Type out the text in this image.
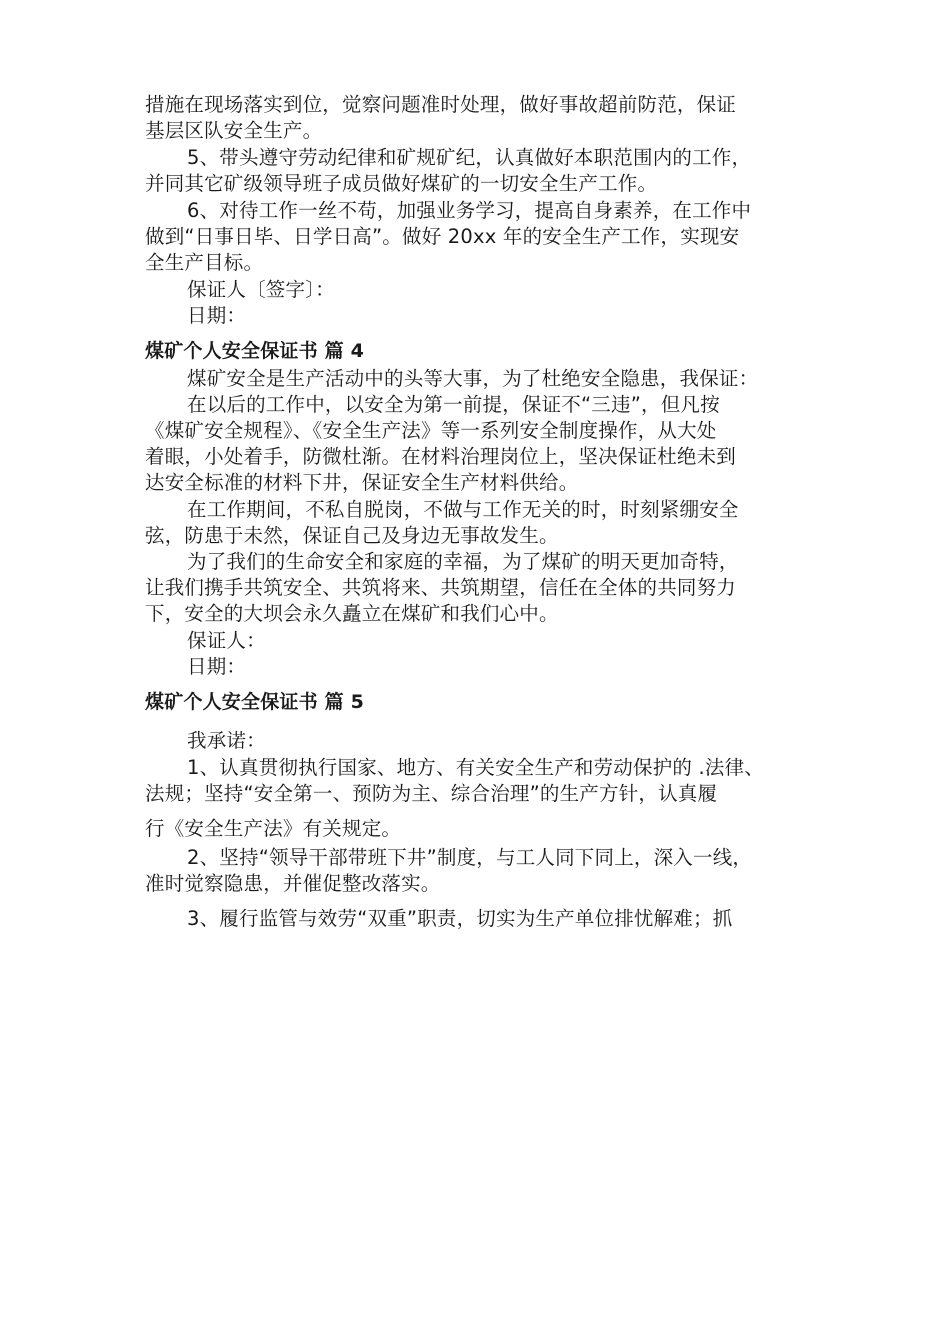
措施在现场落实到位，觉察问题准时处理，做好事故超前防范，保证
基层区队安全生产。
5、带头遵守劳动纪律和矿规矿纪，认真做好本职范围内的工作，
并同其它矿级领导班子成员做好煤矿的一切安全生产工作。
6、对待工作一丝不苟，加强业务学习，提高自身素养，在工作中
做到“日事日毕、日学日高”。做好 20xx 年的安全生产工作，实现安
全生产目标。
保证人〔签字〕：
日期：
煤矿个人安全保证书 篇 4
煤矿安全是生产活动中的头等大事，为了杜绝安全隐患，我保证：
在以后的工作中，以安全为第一前提，保证不“三违”，但凡按
《煤矿安全规程》、《安全生产法》等一系列安全制度操作，从大处
着眼，小处着手，防微杜渐。在材料治理岗位上，坚决保证杜绝未到
达安全标准的材料下井，保证安全生产材料供给。
在工作期间，不私自脱岗，不做与工作无关的时，时刻紧绷安全
弦，防患于未然，保证自己及身边无事故发生。
为了我们的生命安全和家庭的幸福，为了煤矿的明天更加奇特，
让我们携手共筑安全、共筑将来、共筑期望，信任在全体的共同努力
下，安全的大坝会永久矗立在煤矿和我们心中。
保证人：
日期：
煤矿个人安全保证书 篇 5
我承诺：
1、认真贯彻执行国家、地方、有关安全生产和劳动保护的 .法律、
法规；坚持“安全第一、预防为主、综合治理”的生产方针，认真履
行《安全生产法》有关规定。
2、坚持“领导干部带班下井”制度，与工人同下同上，深入一线，
准时觉察隐患，并催促整改落实。
3、履行监管与效劳“双重”职责，切实为生产单位排忧解难；抓
